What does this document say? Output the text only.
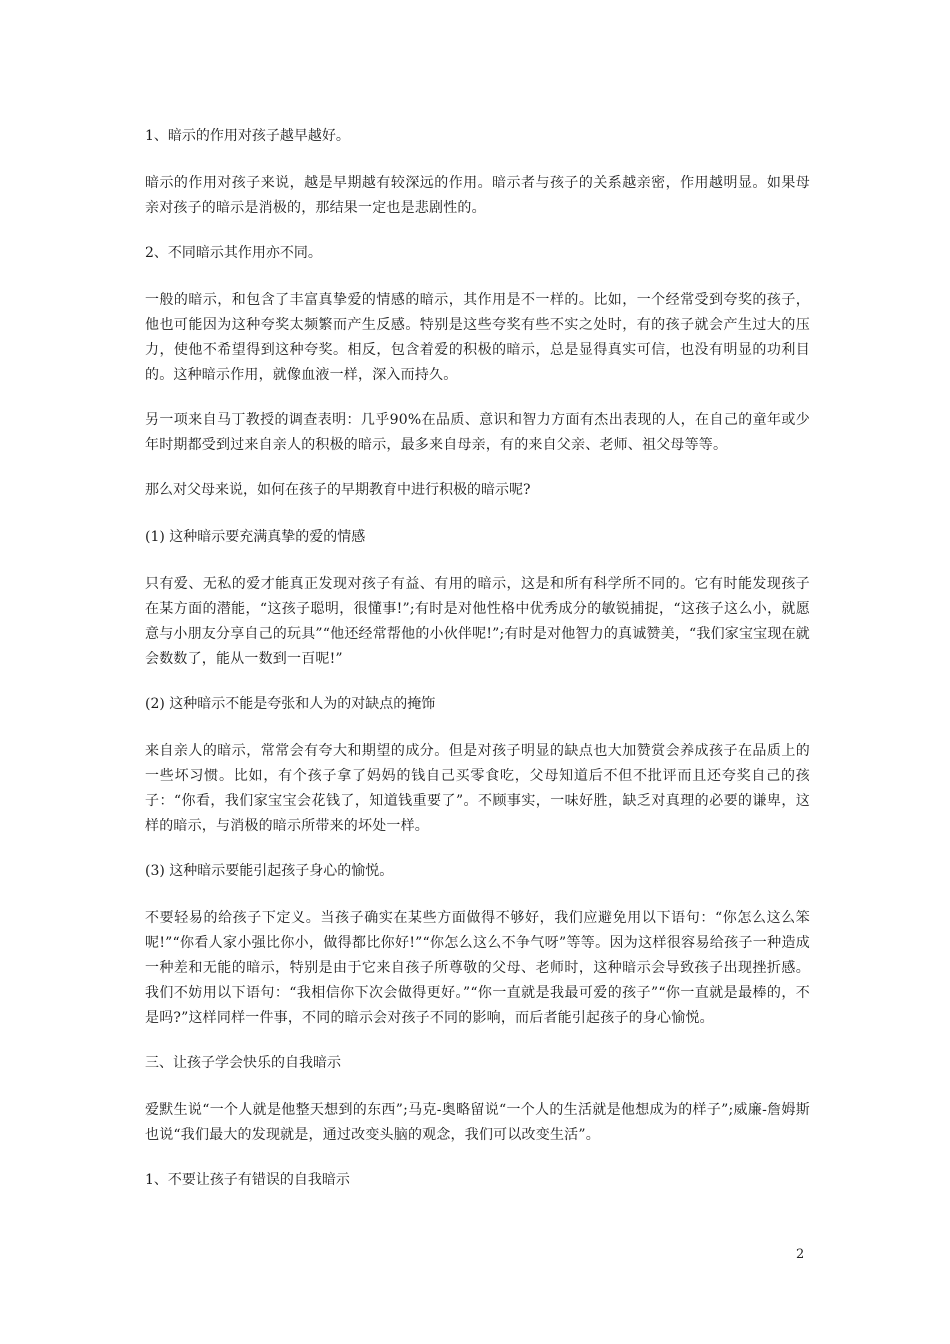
1、暗示的作用对孩子越早越好。

暗示的作用对孩子来说，越是早期越有较深远的作用。暗示者与孩子的关系越亲密，作用越明显。如果母亲对孩子的暗示是消极的，那结果一定也是悲剧性的。

2、不同暗示其作用亦不同。

一般的暗示，和包含了丰富真挚爱的情感的暗示，其作用是不一样的。比如，一个经常受到夸奖的孩子，他也可能因为这种夸奖太频繁而产生反感。特别是这些夸奖有些不实之处时，有的孩子就会产生过大的压力，使他不希望得到这种夸奖。相反，包含着爱的积极的暗示，总是显得真实可信，也没有明显的功利目的。这种暗示作用，就像血液一样，深入而持久。

另一项来自马丁教授的调查表明：几乎90%在品质、意识和智力方面有杰出表现的人，在自己的童年或少年时期都受到过来自亲人的积极的暗示，最多来自母亲，有的来自父亲、老师、祖父母等等。

那么对父母来说，如何在孩子的早期教育中进行积极的暗示呢?

(1) 这种暗示要充满真挚的爱的情感

只有爱、无私的爱才能真正发现对孩子有益、有用的暗示，这是和所有科学所不同的。它有时能发现孩子在某方面的潜能，“这孩子聪明，很懂事!”;有时是对他性格中优秀成分的敏锐捕捉，“这孩子这么小，就愿意与小朋友分享自己的玩具”“他还经常帮他的小伙伴呢!”;有时是对他智力的真诚赞美，“我们家宝宝现在就会数数了，能从一数到一百呢!”

(2) 这种暗示不能是夸张和人为的对缺点的掩饰

来自亲人的暗示，常常会有夸大和期望的成分。但是对孩子明显的缺点也大加赞赏会养成孩子在品质上的一些坏习惯。比如，有个孩子拿了妈妈的钱自己买零食吃，父母知道后不但不批评而且还夸奖自己的孩子：“你看，我们家宝宝会花钱了，知道钱重要了”。不顾事实，一味好胜，缺乏对真理的必要的谦卑，这样的暗示，与消极的暗示所带来的坏处一样。

(3) 这种暗示要能引起孩子身心的愉悦。

不要轻易的给孩子下定义。当孩子确实在某些方面做得不够好，我们应避免用以下语句：“你怎么这么笨呢!”“你看人家小强比你小，做得都比你好!”“你怎么这么不争气呀”等等。因为这样很容易给孩子一种造成一种差和无能的暗示，特别是由于它来自孩子所尊敬的父母、老师时，这种暗示会导致孩子出现挫折感。我们不妨用以下语句：“我相信你下次会做得更好。”“你一直就是我最可爱的孩子”“你一直就是最棒的，不是吗?”这样同样一件事，不同的暗示会对孩子不同的影响，而后者能引起孩子的身心愉悦。

三、让孩子学会快乐的自我暗示

爱默生说“一个人就是他整天想到的东西”;马克-奥略留说“一个人的生活就是他想成为的样子”;威廉-詹姆斯也说“我们最大的发现就是，通过改变头脑的观念，我们可以改变生活”。

1、不要让孩子有错误的自我暗示

2
